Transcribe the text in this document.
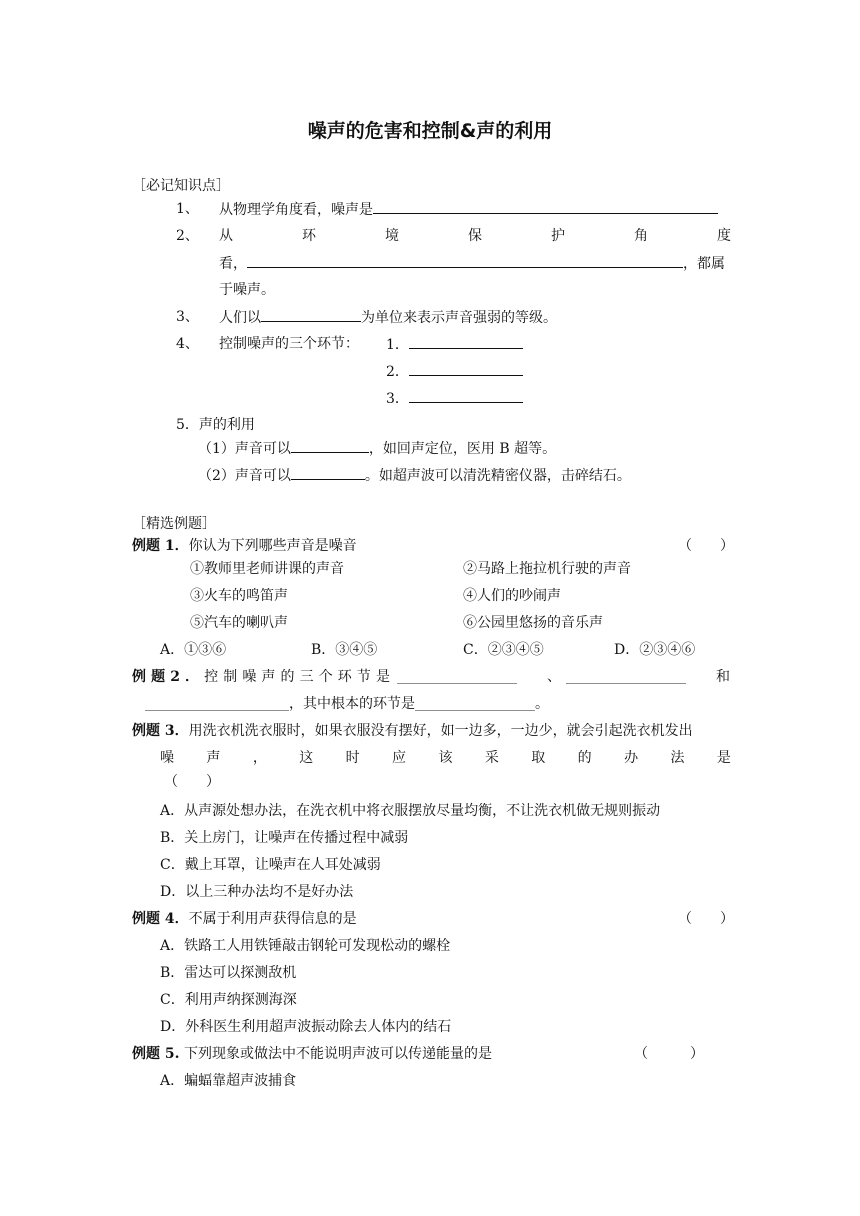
噪声的危害和控制&声的利用
［必记知识点］
1、 从物理学角度看，噪声是
2、 从	环	境	保	护	角	度
看，	，都属
于噪声。
3、 人们以	为单位来表示声音强弱的等级。
4、 控制噪声的三个环节： 1．
2．
3．
5．声的利用
（1）声音可以	，如回声定位，医用 B 超等。
（2）声音可以	。如超声波可以清洗精密仪器，击碎结石。
［精选例题］
例题 1．你认为下列哪些声音是噪音	（　　）
①教师里老师讲课的声音	②马路上拖拉机行驶的声音
③火车的鸣笛声	④人们的吵闹声
⑤汽车的喇叭声	⑥公园里悠扬的音乐声
A．①③⑥	B．③④⑤	C．②③④⑤	D．②③④⑥
例 题 2 ． 控 制 噪 声 的 三 个 环 节 是 ____________________ 、 ____________________ 和
________________________，其中根本的环节是____________________。
例题 3．用洗衣机洗衣服时，如果衣服没有摆好，如一边多，一边少，就会引起洗衣机发出
噪 声 ， 这 时 应 该 采 取 的 办 法 是
（　　）
A．从声源处想办法，在洗衣机中将衣服摆放尽量均衡，不让洗衣机做无规则振动
B．关上房门，让噪声在传播过程中减弱
C．戴上耳罩，让噪声在人耳处减弱
D．以上三种办法均不是好办法
例题 4．不属于利用声获得信息的是	（　　）
A．铁路工人用铁锤敲击钢轮可发现松动的螺栓
B．雷达可以探测敌机
C．利用声纳探测海深
D．外科医生利用超声波振动除去人体内的结石
例题 5. 下列现象或做法中不能说明声波可以传递能量的是	（　　　）
A．蝙蝠靠超声波捕食
